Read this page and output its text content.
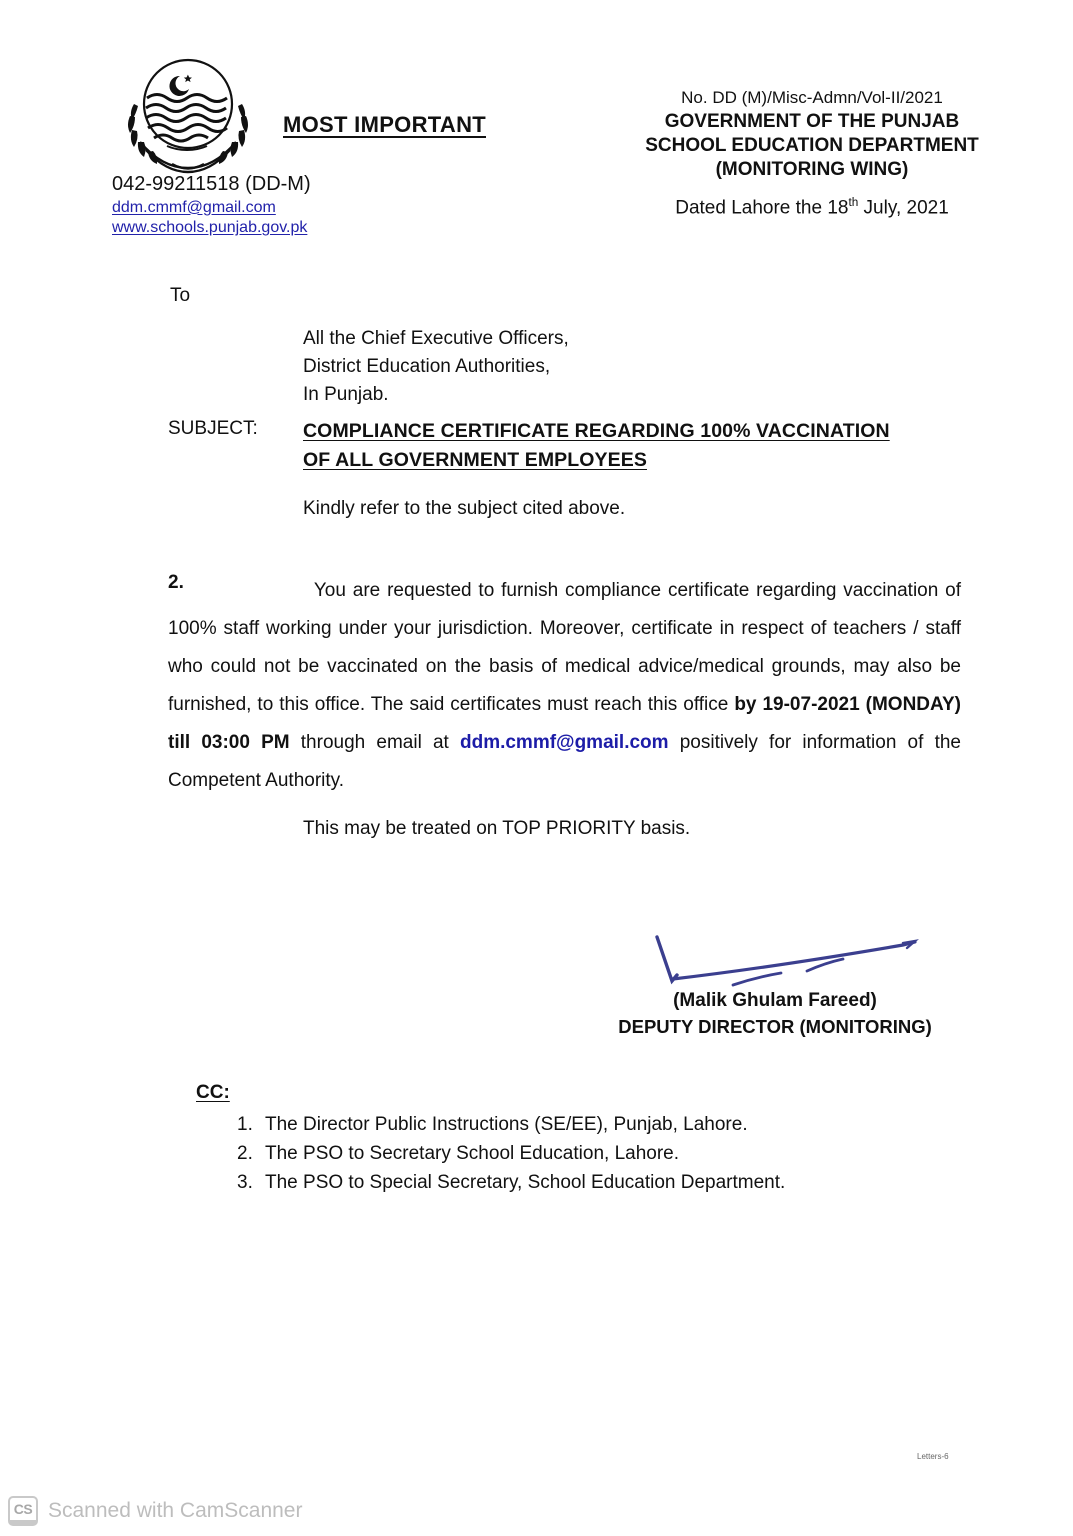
MOST IMPORTANT
042-99211518 (DD-M)
ddm.cmmf@gmail.com
www.schools.punjab.gov.pk
No. DD (M)/Misc-Admn/Vol-II/2021
GOVERNMENT OF THE PUNJAB
SCHOOL EDUCATION DEPARTMENT
(MONITORING WING)
Dated Lahore the 18th July, 2021
To
All the Chief Executive Officers,
District Education Authorities,
In Punjab.
SUBJECT: COMPLIANCE CERTIFICATE REGARDING 100% VACCINATION
OF ALL GOVERNMENT EMPLOYEES
Kindly refer to the subject cited above.
2.	You are requested to furnish compliance certificate regarding vaccination of 100% staff working under your jurisdiction. Moreover, certificate in respect of teachers / staff who could not be vaccinated on the basis of medical advice/medical grounds, may also be furnished, to this office. The said certificates must reach this office by 19-07-2021 (MONDAY) till 03:00 PM through email at ddm.cmmf@gmail.com positively for information of the Competent Authority.
This may be treated on TOP PRIORITY basis.
(Malik Ghulam Fareed)
DEPUTY DIRECTOR (MONITORING)
CC:
1. The Director Public Instructions (SE/EE), Punjab, Lahore.
2. The PSO to Secretary School Education, Lahore.
3. The PSO to Special Secretary, School Education Department.
Letters-6
CS Scanned with CamScanner
